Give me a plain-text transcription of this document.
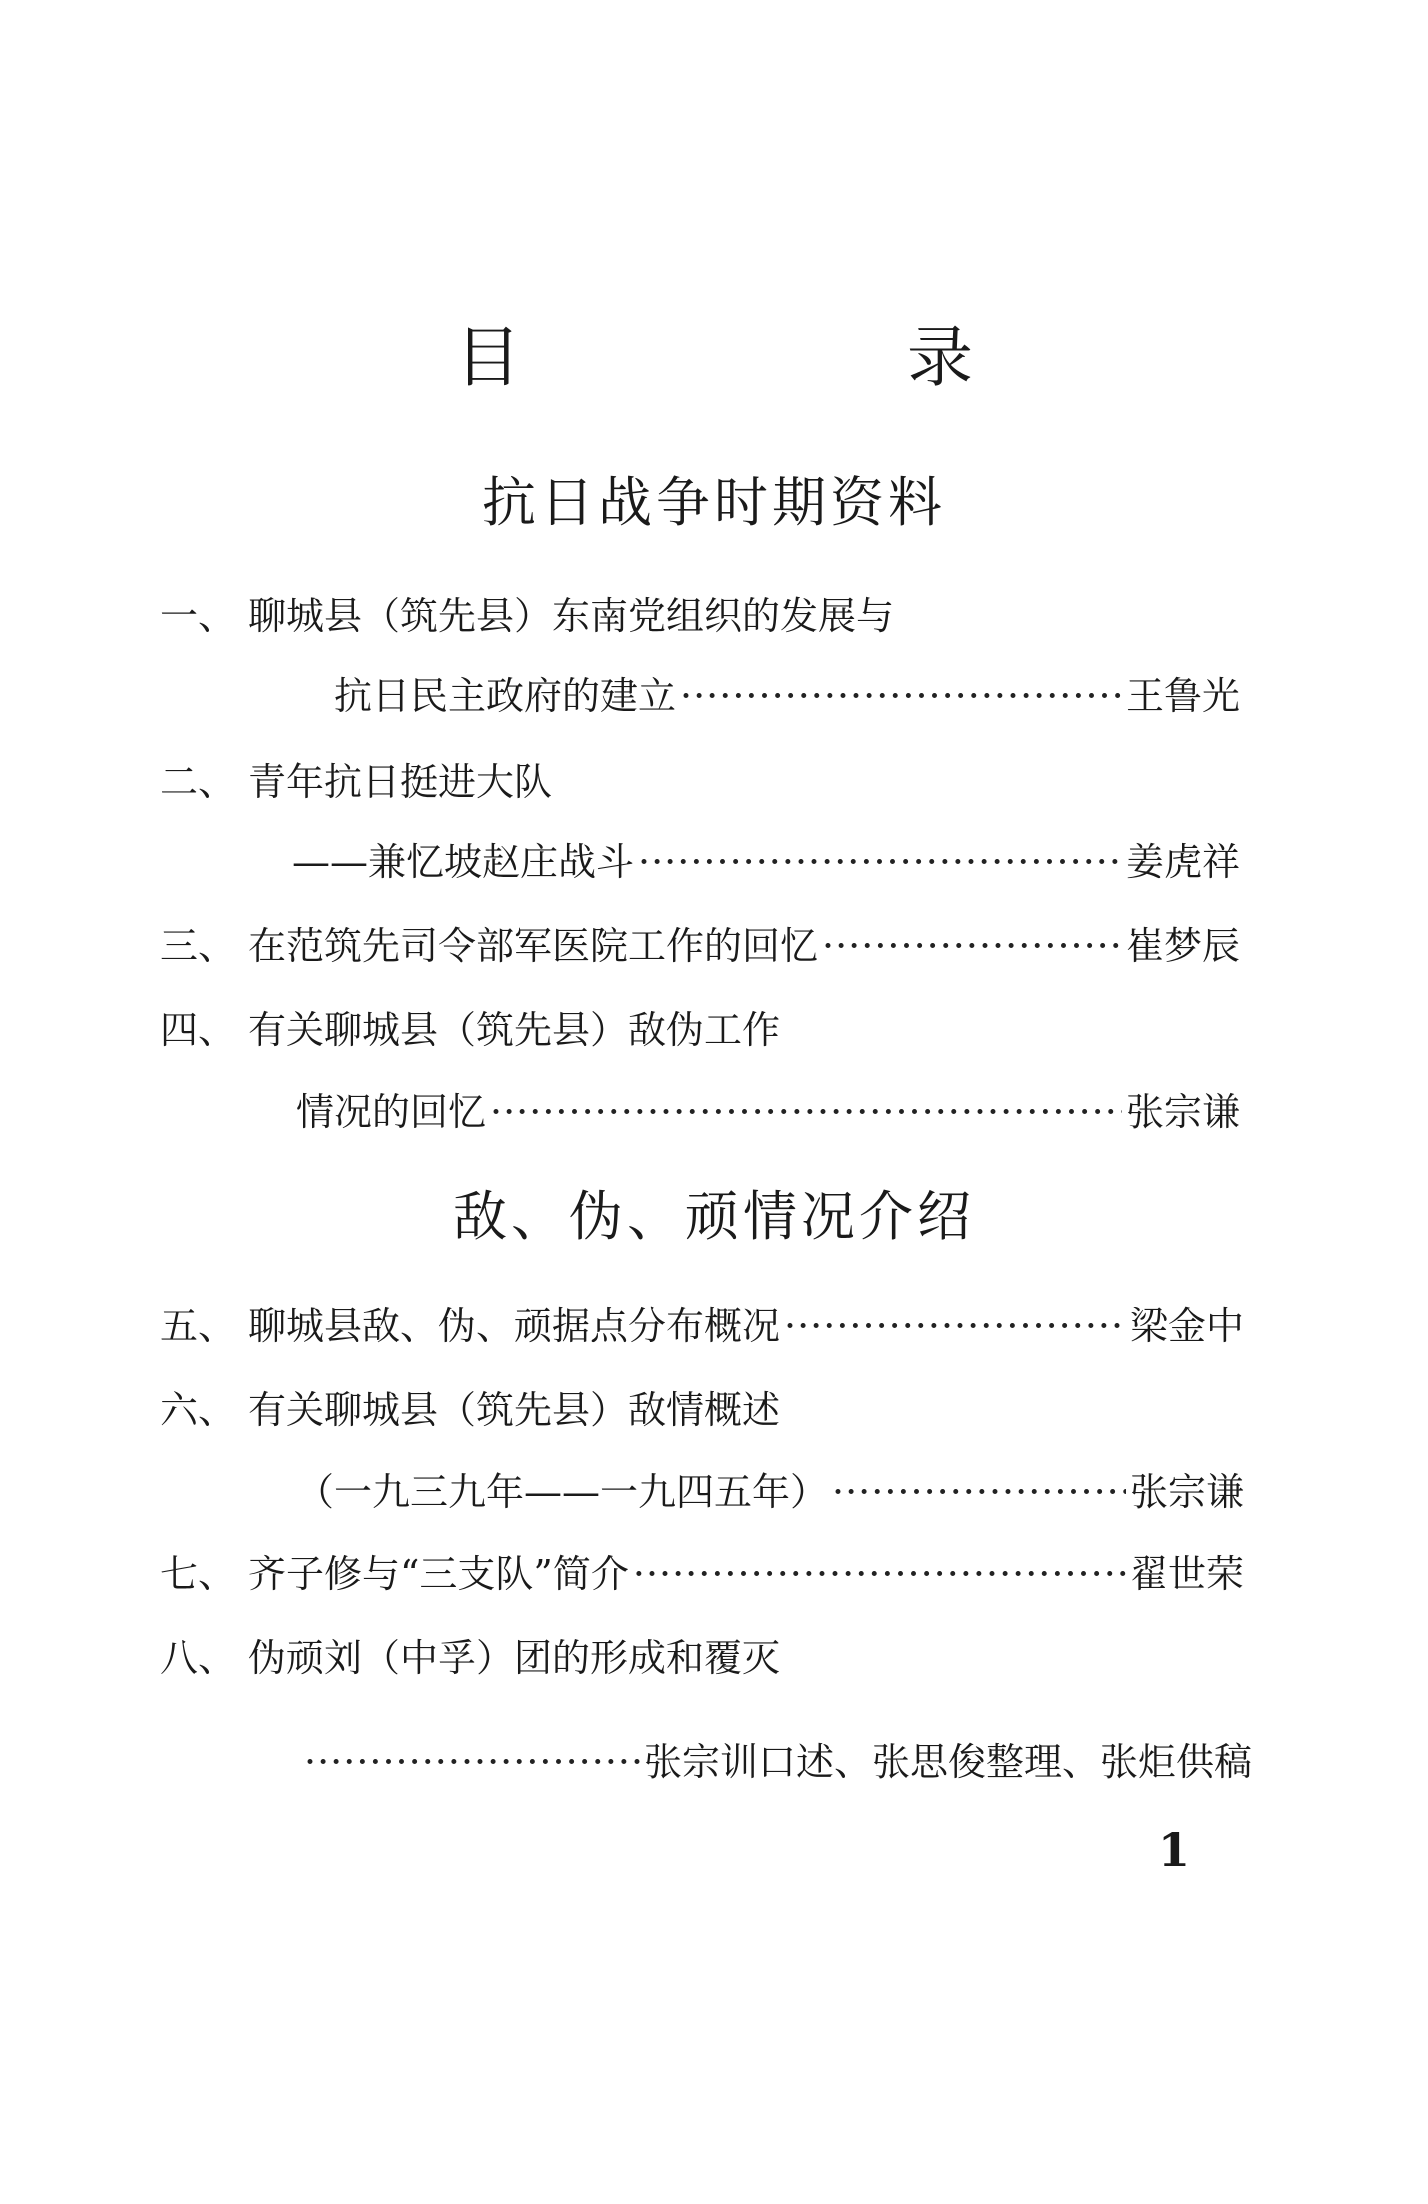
目　录
抗日战争时期资料
一、 聊城县（筑先县）东南党组织的发展与
抗日民主政府的建立 ·····	王鲁光
二、 青年抗日挺进大队
——兼忆坡赵庄战斗 ·····	姜虎祥
三、 在范筑先司令部军医院工作的回忆 ·····	崔梦辰
四、 有关聊城县（筑先县）敌伪工作
情况的回忆 ·····	张宗谦
敌、伪、顽情况介绍
五、 聊城县敌、伪、顽据点分布概况 ·····	梁金中
六、 有关聊城县（筑先县）敌情概述
（一九三九年——一九四五年） ·····	张宗谦
七、 齐子修与“三支队”简介 ·····	翟世荣
八、 伪顽刘（中孚）团的形成和覆灭
·····
张宗训口述、张思俊整理、张炬供稿
1
